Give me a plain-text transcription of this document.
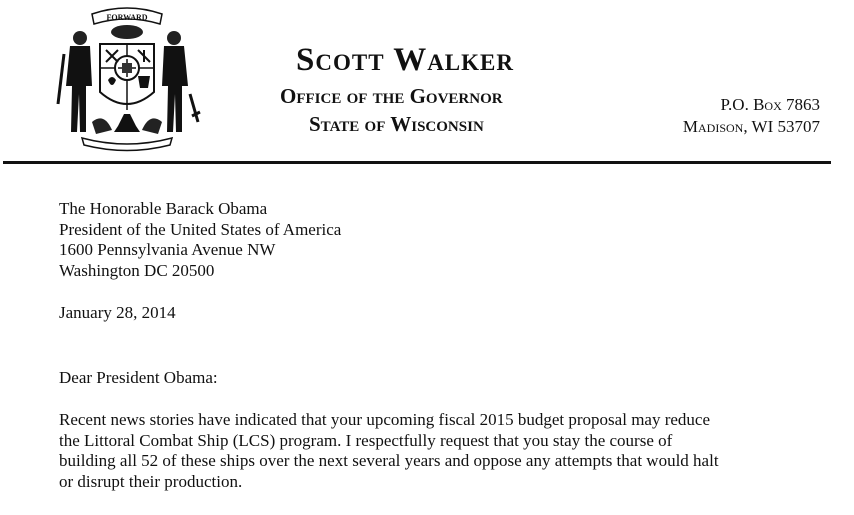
FORWARD
Scott Walker
Office of the Governor
State of Wisconsin
P.O. Box 7863
Madison, WI 53707
The Honorable Barack Obama
President of the United States of America
1600 Pennsylvania Avenue NW
Washington DC 20500
January 28, 2014
Dear President Obama:
Recent news stories have indicated that your upcoming fiscal 2015 budget proposal may reduce
the Littoral Combat Ship (LCS) program. I respectfully request that you stay the course of
building all 52 of these ships over the next several years and oppose any attempts that would halt
or disrupt their production.
